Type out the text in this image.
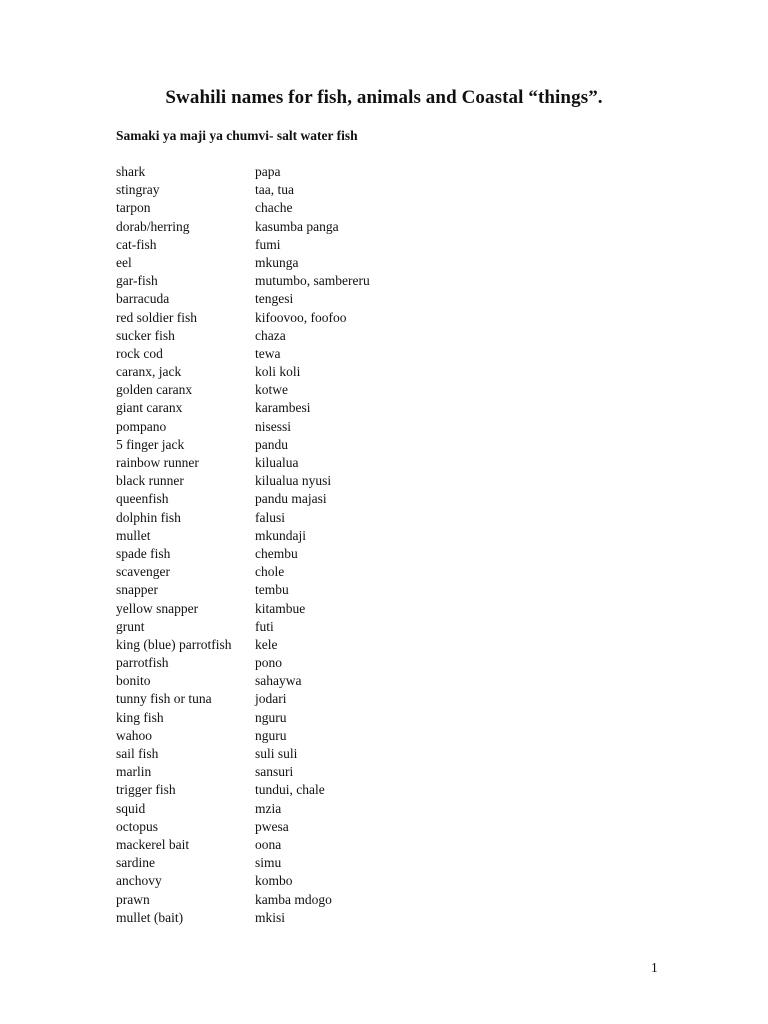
Swahili names for fish, animals and Coastal “things”.
Samaki ya maji ya chumvi- salt water fish
shark	papa
stingray	taa, tua
tarpon	chache
dorab/herring	kasumba panga
cat-fish	fumi
eel	mkunga
gar-fish	mutumbo, sambereru
barracuda	tengesi
red soldier fish	kifoovoo, foofoo
sucker fish	chaza
rock cod	tewa
caranx, jack	koli koli
golden caranx	kotwe
giant caranx	karambesi
pompano	nisessi
5 finger jack	pandu
rainbow runner	kilualua
black runner	kilualua nyusi
queenfish	pandu majasi
dolphin fish	falusi
mullet	mkundaji
spade fish	chembu
scavenger	chole
snapper	tembu
yellow snapper	kitambue
grunt	futi
king (blue) parrotfish	kele
parrotfish	pono
bonito	sahaywa
tunny fish or tuna	jodari
king fish	nguru
wahoo	nguru
sail fish	suli suli
marlin	sansuri
trigger fish	tundui, chale
squid	mzia
octopus	pwesa
mackerel bait	oona
sardine	simu
anchovy	kombo
prawn	kamba mdogo
mullet (bait)	mkisi
1
